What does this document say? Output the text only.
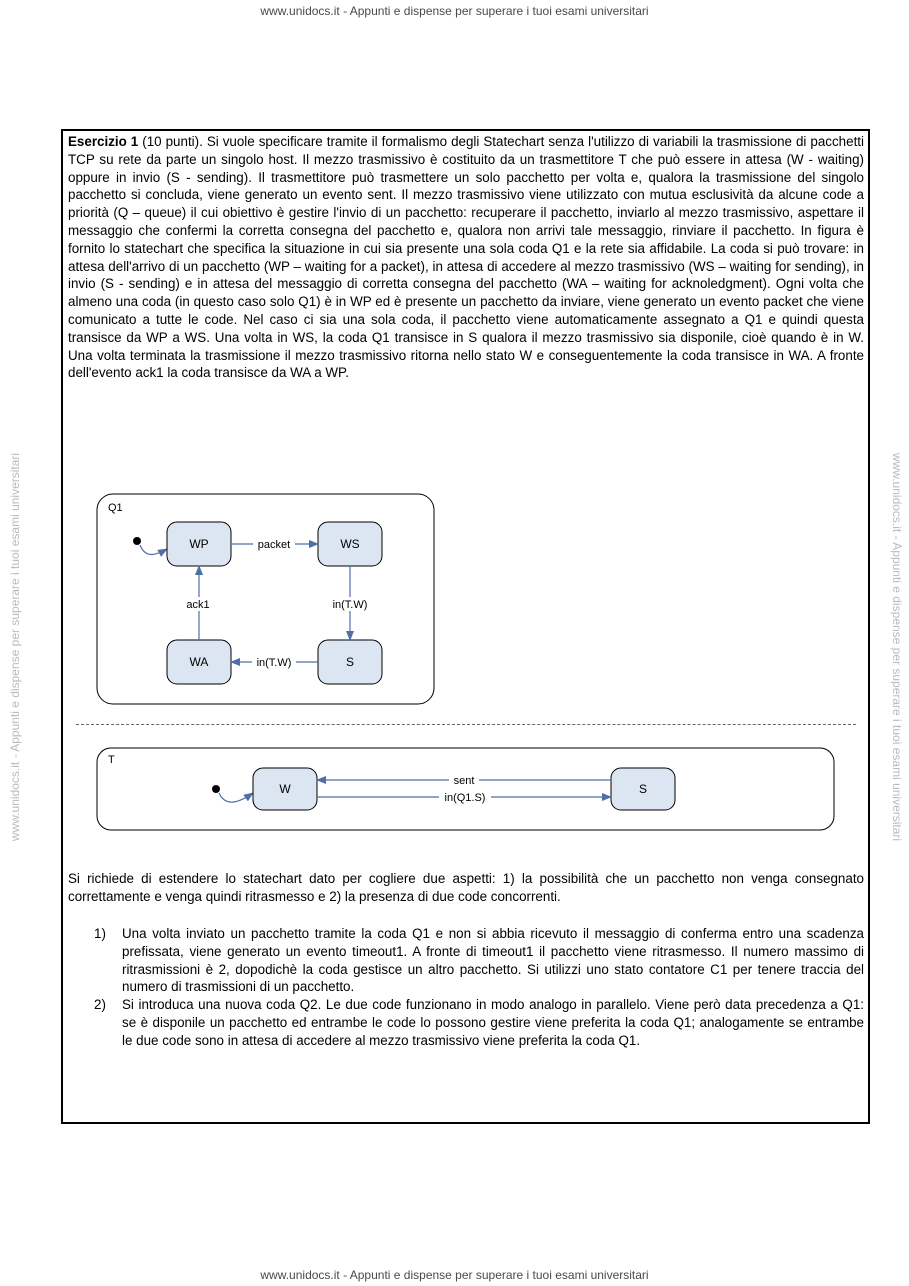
www.unidocs.it - Appunti e dispense per superare i tuoi esami universitari
www.unidocs.it - Appunti e dispense per superare i tuoi esami universitari	www.unidocs.it - Appunti e dispense per superare i tuoi esami universitari

Esercizio 1 (10 punti). Si vuole specificare tramite il formalismo degli Statechart senza l'utilizzo di variabili la trasmissione di pacchetti TCP su rete da parte un singolo host. Il mezzo trasmissivo è costituito da un trasmettitore T che può essere in attesa (W - waiting) oppure in invio (S - sending). Il trasmettitore può trasmettere un solo pacchetto per volta e, qualora la trasmissione del singolo pacchetto si concluda, viene generato un evento sent. Il mezzo trasmissivo viene utilizzato con mutua esclusività da alcune code a priorità (Q – queue) il cui obiettivo è gestire l'invio di un pacchetto: recuperare il pacchetto, inviarlo al mezzo trasmissivo, aspettare il messaggio che confermi la corretta consegna del pacchetto e, qualora non arrivi tale messaggio, rinviare il pacchetto. In figura è fornito lo statechart che specifica la situazione in cui sia presente una sola coda Q1 e la rete sia affidabile. La coda si può trovare: in attesa dell'arrivo di un pacchetto (WP – waiting for a packet), in attesa di accedere al mezzo trasmissivo (WS – waiting for sending), in invio (S - sending) e in attesa del messaggio di corretta consegna del pacchetto (WA – waiting for acknoledgment). Ogni volta che almeno una coda (in questo caso solo Q1) è in WP ed è presente un pacchetto da inviare, viene generato un evento packet che viene comunicato a tutte le code. Nel caso ci sia una sola coda, il pacchetto viene automaticamente assegnato a Q1 e quindi questa transisce da WP a WS. Una volta in WS, la coda Q1 transisce in S qualora il mezzo trasmissivo sia disponile, cioè quando è in W. Una volta terminata la trasmissione il mezzo trasmissivo ritorna nello stato W e conseguentemente la coda transisce in WA. A fronte dell'evento ack1 la coda transisce da WA a WP.

Q1
WP	WS
S
WA
packet
in(T.W)
in(T.W)
ack1
T
W	S
sent
in(Q1.S)

Si richiede di estendere lo statechart dato per cogliere due aspetti: 1) la possibilità che un pacchetto non venga consegnato correttamente e venga quindi ritrasmesso e 2) la presenza di due code concorrenti.

1) Una volta inviato un pacchetto tramite la coda Q1 e non si abbia ricevuto il messaggio di conferma entro una scadenza prefissata, viene generato un evento timeout1. A fronte di timeout1 il pacchetto viene ritrasmesso. Il numero massimo di ritrasmissioni è 2, dopodichè la coda gestisce un altro pacchetto. Si utilizzi uno stato contatore C1 per tenere traccia del numero di trasmissioni di un pacchetto.
2) Si introduca una nuova coda Q2. Le due code funzionano in modo analogo in parallelo. Viene però data precedenza a Q1: se è disponile un pacchetto ed entrambe le code lo possono gestire viene preferita la coda Q1; analogamente se entrambe le due code sono in attesa di accedere al mezzo trasmissivo viene preferita la coda Q1.
www.unidocs.it - Appunti e dispense per superare i tuoi esami universitari
